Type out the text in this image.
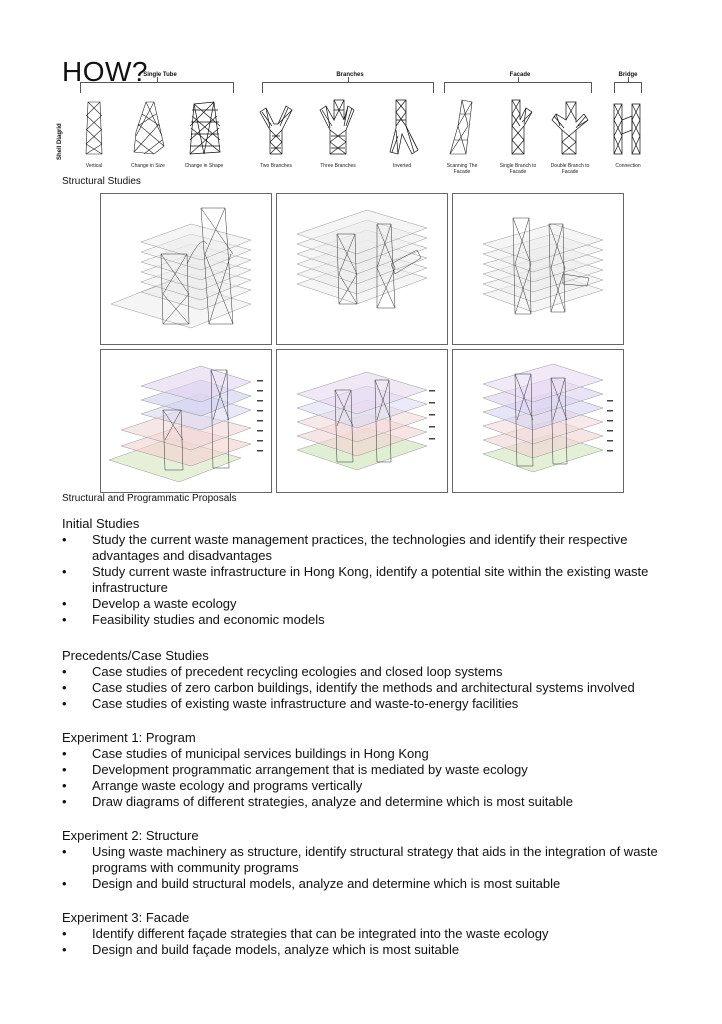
HOW?
Single Tube	Branches	Facade	Bridge
Shell Diagrid
Vertical	Change in Size	Change in Shape	Two Branches	Three Branches	Inverted	Scanning The Facade
Single Branch to Facade
Double Branch to Facade
Connection
Structural Studies
Structural and Programmatic Proposals
Initial Studies
•	Study the current waste management practices, the technologies and identify their respective advantages and disadvantages
•	Study current waste infrastructure in Hong Kong, identify a potential site within the existing waste infrastructure
•	Develop a waste ecology
•	Feasibility studies and economic models
Precedents/Case Studies
•	Case studies of precedent recycling ecologies and closed loop systems
•	Case studies of zero carbon buildings, identify the methods and architectural systems involved
•	Case studies of existing waste infrastructure and waste-to-energy facilities
Experiment 1: Program
•	Case studies of municipal services buildings in Hong Kong
•	Development programmatic arrangement that is mediated by waste ecology
•	Arrange waste ecology and programs vertically
•	Draw diagrams of different strategies, analyze and determine which is most suitable
Experiment 2: Structure
•	Using waste machinery as structure, identify structural strategy that aids in the integration of waste programs with community programs
•	Design and build structural models, analyze and determine which is most suitable
Experiment 3: Facade
•	Identify different façade strategies that can be integrated into the waste ecology
•	Design and build façade models, analyze which is most suitable
